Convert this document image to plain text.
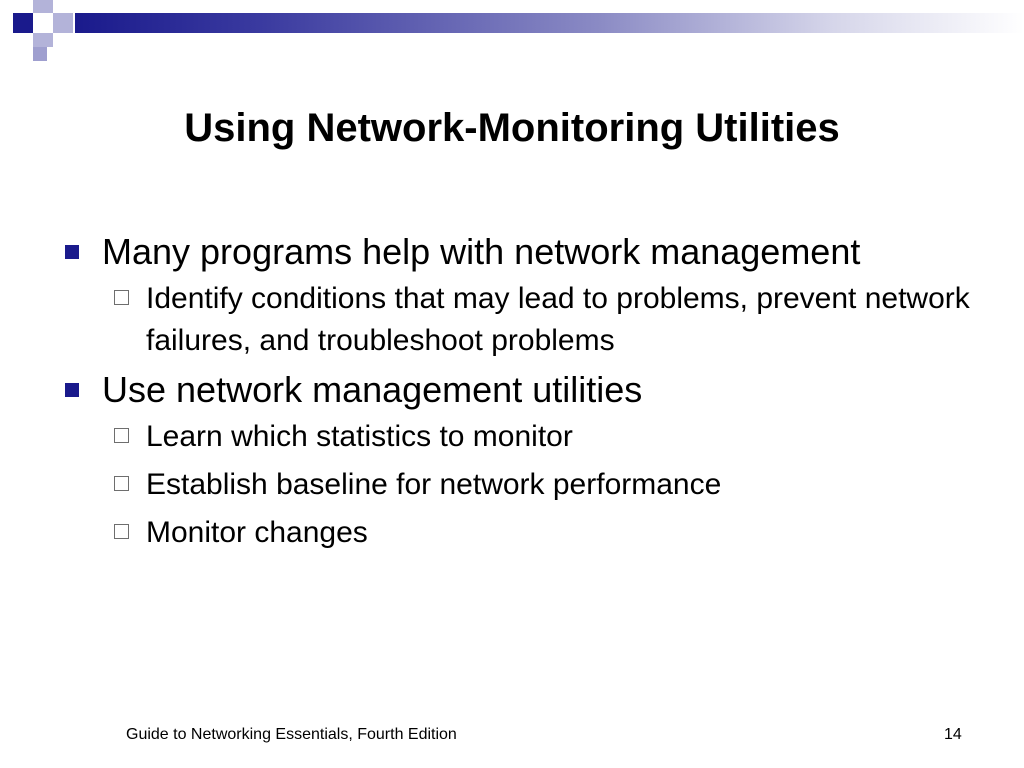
Using Network-Monitoring Utilities
Many programs help with network management
Identify conditions that may lead to problems, prevent network failures, and troubleshoot problems
Use network management utilities
Learn which statistics to monitor
Establish baseline for network performance
Monitor changes
Guide to Networking Essentials, Fourth Edition	14
